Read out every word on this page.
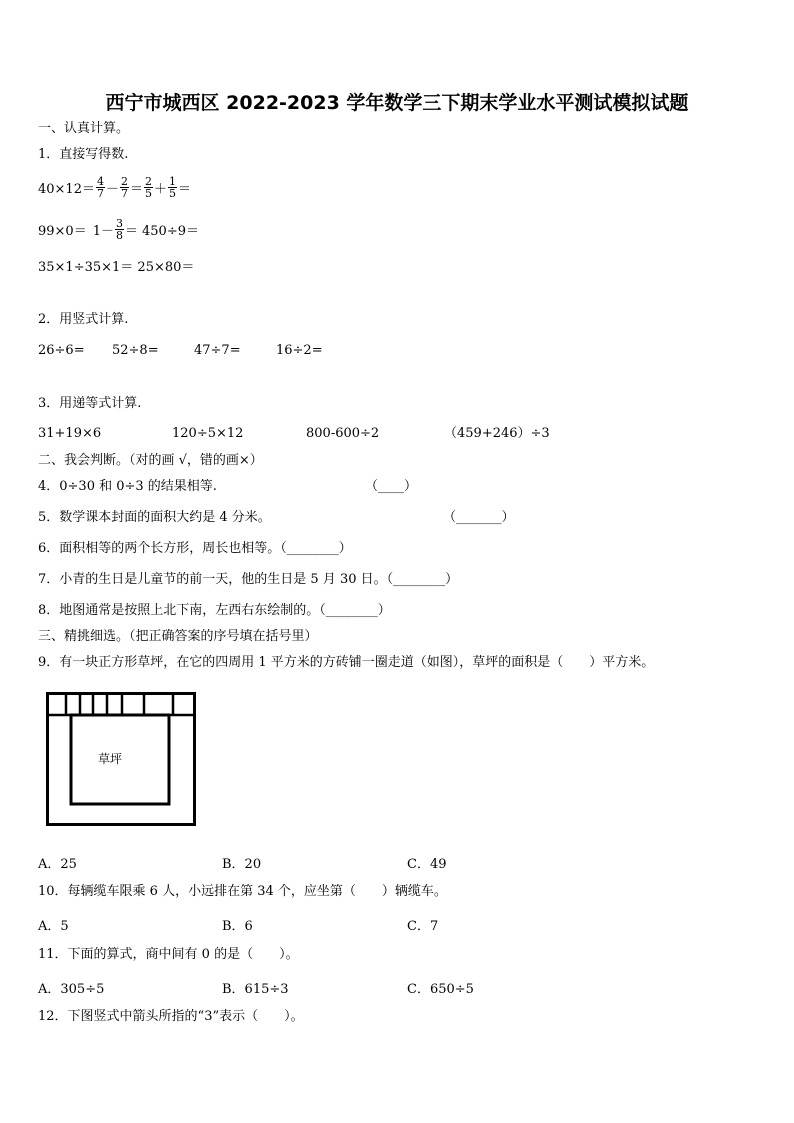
西宁市城西区 2022-2023 学年数学三下期末学业水平测试模拟试题
一、认真计算。
1．直接写得数.
$40\times 12= \frac{4}{7} - \frac{2}{7} = \frac{2}{5} + \frac{1}{5}$ ＝
$99\times 0= 1- \frac{3}{8} = 450\div 9=$
35×1÷35×1＝ 25×80＝
2．用竖式计算.
26÷6= 52÷8=	47÷7=	16÷2=
3．用递等式计算.
31+19×6	120÷5×12	800-600÷2	（459+246）÷3
二、我会判断。（对的画 √，错的画×）
4．0÷30 和 0÷3 的结果相等.	（____）
5．数学课本封面的面积大约是 4 分米。	（_______）
6．面积相等的两个长方形，周长也相等。（________）
7．小青的生日是儿童节的前一天，他的生日是 5 月 30 日。（________）
8．地图通常是按照上北下南，左西右东绘制的。（________）
三、精挑细选。（把正确答案的序号填在括号里）
9．有一块正方形草坪，在它的四周用 1 平方米的方砖铺一圈走道（如图），草坪的面积是（　　）平方米。
草坪
A．25	B．20	C．49
10．每辆缆车限乘 6 人，小远排在第 34 个，应坐第（　　）辆缆车。
A．5	B．6	C．7
11．下面的算式，商中间有 0 的是（　　）。
A．305÷5	B．615÷3	C．650÷5
12．下图竖式中箭头所指的“3”表示（　　）。
